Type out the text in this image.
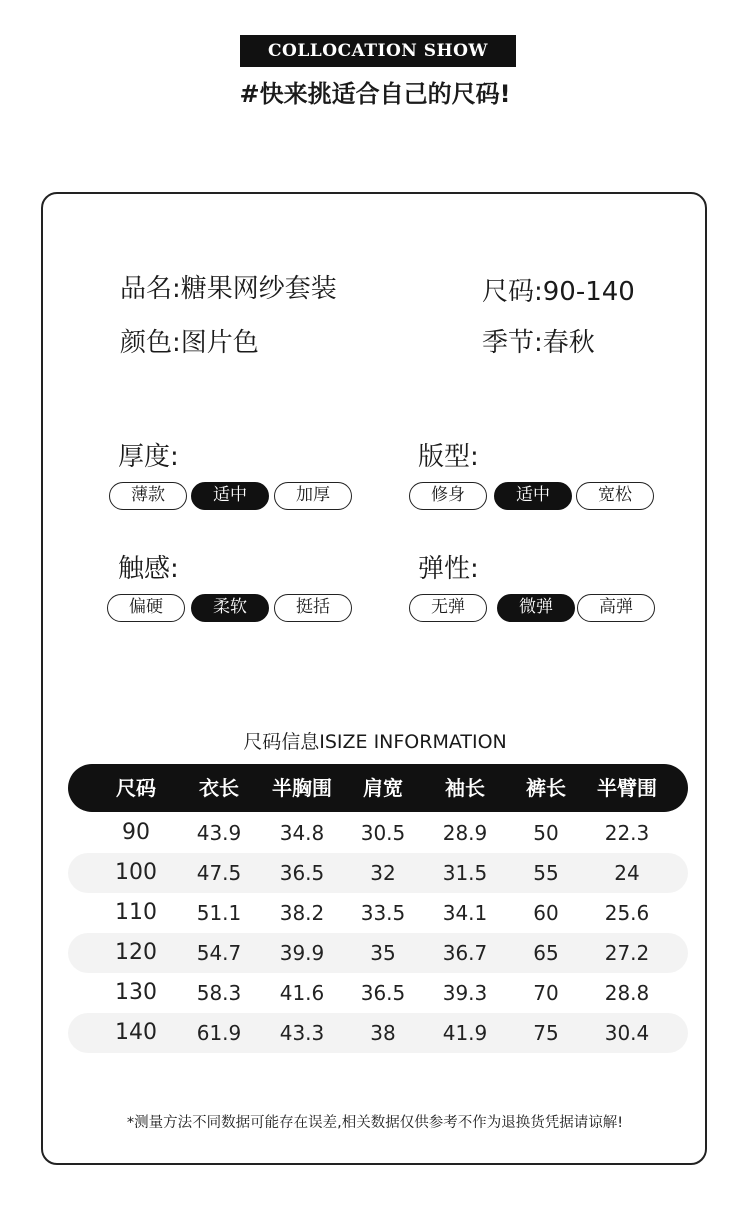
COLLOCATION SHOW
#快来挑适合自己的尺码!
品名:糖果网纱套装	尺码:90-140
颜色:图片色	季节:春秋
厚度:
薄款	适中	加厚
版型:
修身	适中	宽松
触感:
偏硬	柔软	挺括
弹性:
无弹	微弹	高弹
尺码信息ISIZE INFORMATION
尺码	衣长	半胸围	肩宽	袖长	裤长	半臂围
90	43.9	34.8	30.5	28.9	50	22.3
100	47.5	36.5	32	31.5	55	24
110	51.1	38.2	33.5	34.1	60	25.6
120	54.7	39.9	35	36.7	65	27.2
130	58.3	41.6	36.5	39.3	70	28.8
140	61.9	43.3	38	41.9	75	30.4
*测量方法不同数据可能存在误差,相关数据仅供参考不作为退换货凭据请谅解!
